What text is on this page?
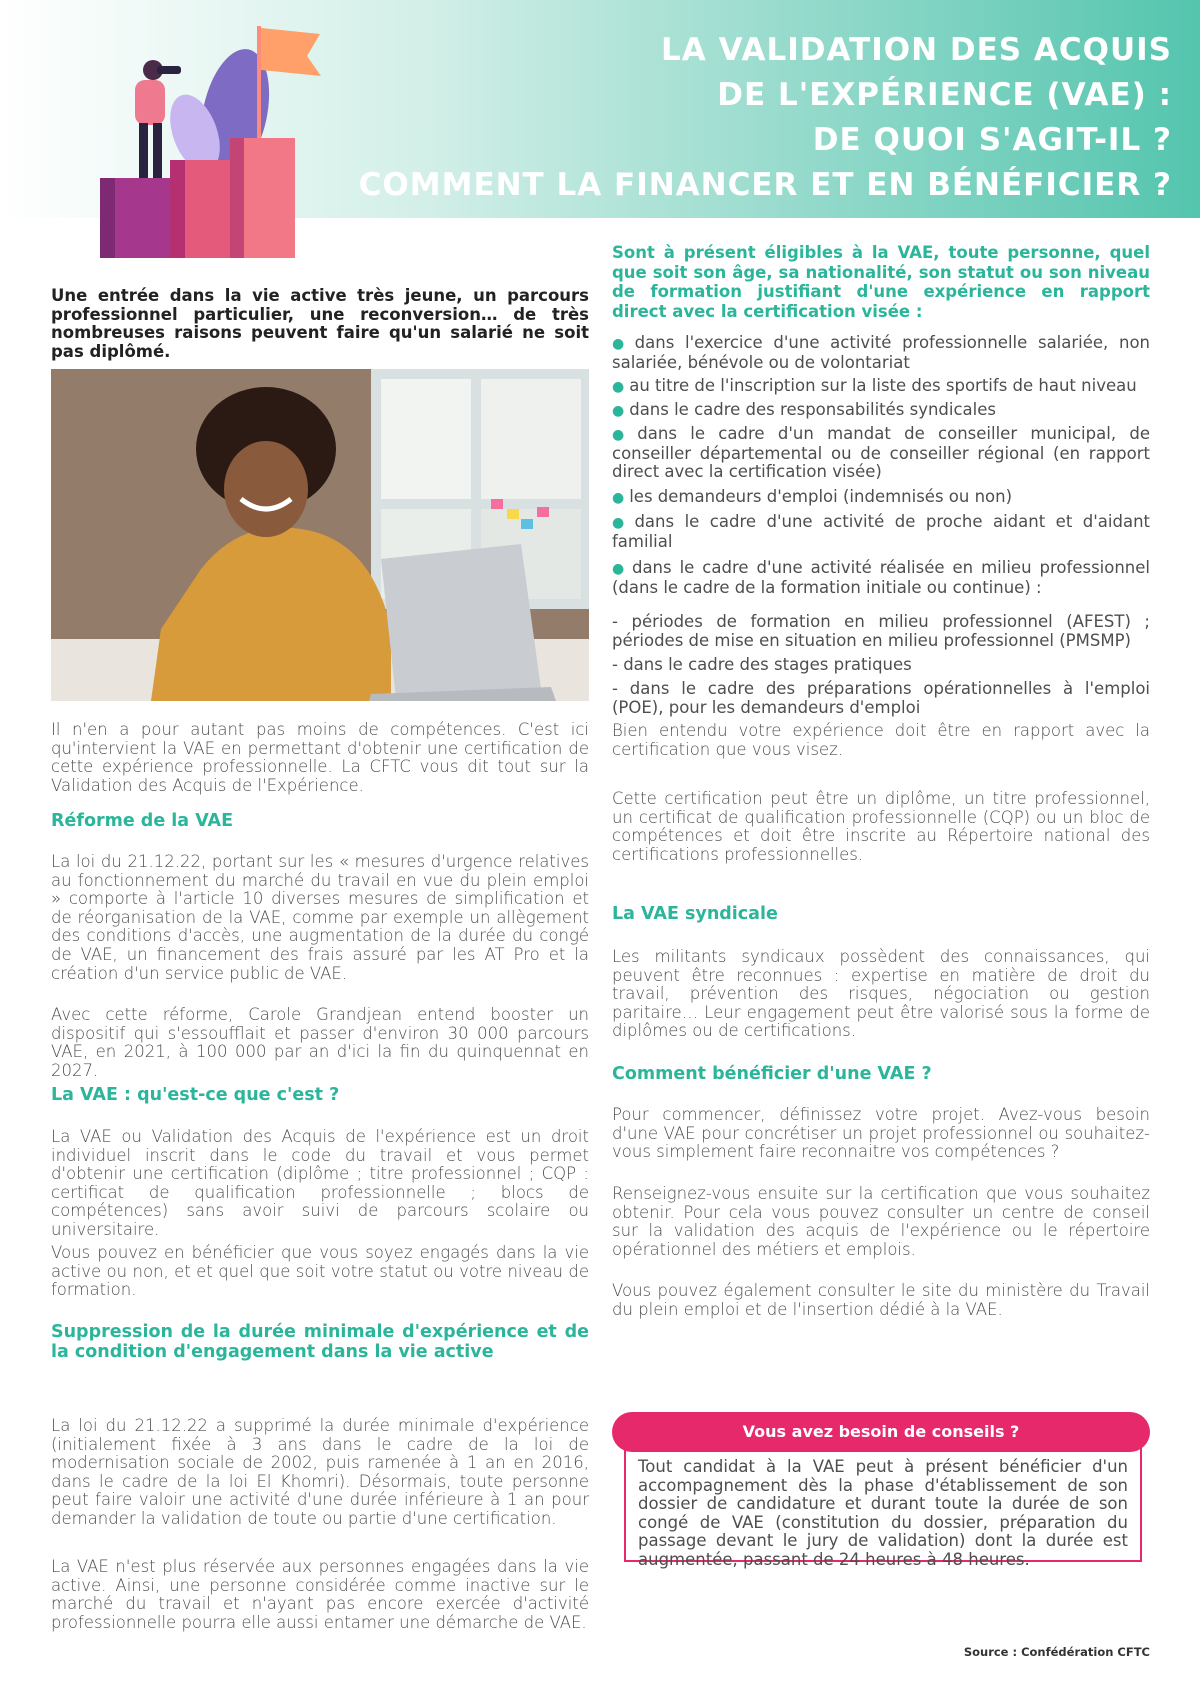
LA VALIDATION DES ACQUIS
DE L'EXPÉRIENCE (VAE) :
DE QUOI S'AGIT-IL ?
COMMENT LA FINANCER ET EN BÉNÉFICIER ?

Une entrée dans la vie active très jeune, un parcours professionnel particulier, une reconversion… de très nombreuses raisons peuvent faire qu'un salarié ne soit pas diplômé.

Il n'en a pour autant pas moins de compétences. C'est ici qu'intervient la VAE en permettant d'obtenir une certification de cette expérience professionnelle. La CFTC vous dit tout sur la Validation des Acquis de l'Expérience.

Réforme de la VAE

La loi du 21.12.22, portant sur les « mesures d'urgence relatives au fonctionnement du marché du travail en vue du plein emploi » comporte à l'article 10 diverses mesures de simplification et de réorganisation de la VAE, comme par exemple un allègement des conditions d'accès, une augmentation de la durée du congé de VAE, un financement des frais assuré par les AT Pro et la création d'un service public de VAE.

Avec cette réforme, Carole Grandjean entend booster un dispositif qui s'essoufflait et passer d'environ 30 000 parcours VAE, en 2021, à 100 000 par an d'ici la fin du quinquennat en 2027.

La VAE : qu'est-ce que c'est ?

La VAE ou Validation des Acquis de l'expérience est un droit individuel inscrit dans le code du travail et vous permet d'obtenir une certification (diplôme ; titre professionnel ; CQP : certificat de qualification professionnelle ; blocs de compétences) sans avoir suivi de parcours scolaire ou universitaire.

Vous pouvez en bénéficier que vous soyez engagés dans la vie active ou non, et et quel que soit votre statut ou votre niveau de formation.

Suppression de la durée minimale d'expérience et de la condition d'engagement dans la vie active

La loi du 21.12.22 a supprimé la durée minimale d'expérience (initialement fixée à 3 ans dans le cadre de la loi de modernisation sociale de 2002, puis ramenée à 1 an en 2016, dans le cadre de la loi El Khomri). Désormais, toute personne peut faire valoir une activité d'une durée inférieure à 1 an pour demander la validation de toute ou partie d'une certification.

La VAE n'est plus réservée aux personnes engagées dans la vie active. Ainsi, une personne considérée comme inactive sur le marché du travail et n'ayant pas encore exercée d'activité professionnelle pourra elle aussi entamer une démarche de VAE.

Sont à présent éligibles à la VAE, toute personne, quel que soit son âge, sa nationalité, son statut ou son niveau de formation justifiant d'une expérience en rapport direct avec la certification visée :

● dans l'exercice d'une activité professionnelle salariée, non salariée, bénévole ou de volontariat

● au titre de l'inscription sur la liste des sportifs de haut niveau

● dans le cadre des responsabilités syndicales

● dans le cadre d'un mandat de conseiller municipal, de conseiller départemental ou de conseiller régional (en rapport direct avec la certification visée)

● les demandeurs d'emploi (indemnisés ou non)

● dans le cadre d'une activité de proche aidant et d'aidant familial

● dans le cadre d'une activité réalisée en milieu professionnel (dans le cadre de la formation initiale ou continue) :

- périodes de formation en milieu professionnel (AFEST) ; périodes de mise en situation en milieu professionnel (PMSMP)

- dans le cadre des stages pratiques

- dans le cadre des préparations opérationnelles à l'emploi (POE), pour les demandeurs d'emploi

Bien entendu votre expérience doit être en rapport avec la certification que vous visez.

Cette certification peut être un diplôme, un titre professionnel, un certificat de qualification professionnelle (CQP) ou un bloc de compétences et doit être inscrite au Répertoire national des certifications professionnelles.

La VAE syndicale

Les militants syndicaux possèdent des connaissances, qui peuvent être reconnues : expertise en matière de droit du travail, prévention des risques, négociation ou gestion paritaire… Leur engagement peut être valorisé sous la forme de diplômes ou de certifications.

Comment bénéficier d'une VAE ?

Pour commencer, définissez votre projet. Avez-vous besoin d'une VAE pour concrétiser un projet professionnel ou souhaitez-vous simplement faire reconnaitre vos compétences ?

Renseignez-vous ensuite sur la certification que vous souhaitez obtenir. Pour cela vous pouvez consulter un centre de conseil sur la validation des acquis de l'expérience ou le répertoire opérationnel des métiers et emplois.

Vous pouvez également consulter le site du ministère du Travail du plein emploi et de l'insertion dédié à la VAE.

Tout candidat à la VAE peut à présent bénéficier d'un accompagnement dès la phase d'établissement de son dossier de candidature et durant toute la durée de son congé de VAE (constitution du dossier, préparation du passage devant le jury de validation) dont la durée est augmentée, passant de 24 heures à 48 heures.

Vous avez besoin de conseils ?
Source : Confédération CFTC
